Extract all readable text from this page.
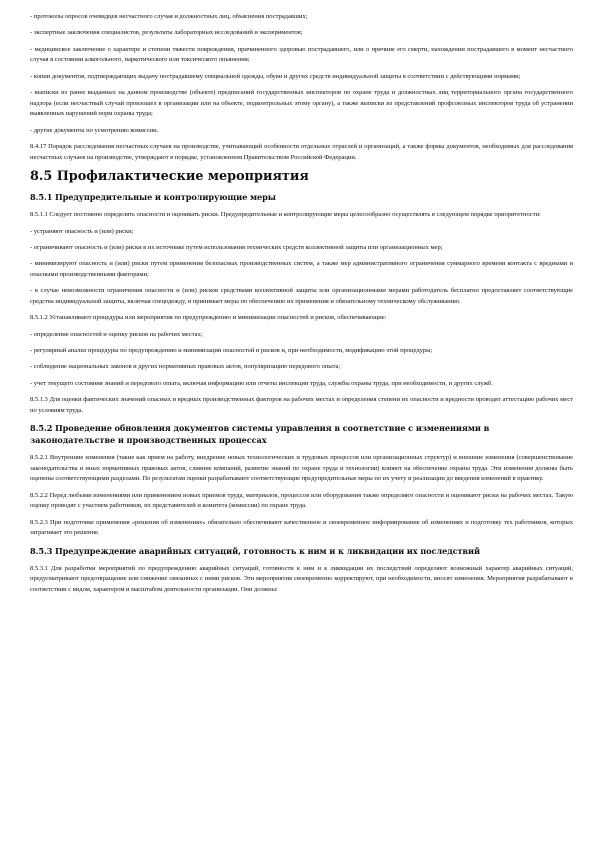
- протоколы опросов очевидцев несчастного случая и должностных лиц, объяснения пострадавших;
- экспертные заключения специалистов, результаты лабораторных исследований и экспериментов;
- медицинское заключение о характере и степени тяжести повреждения, причиненного здоровью пострадавшего, или о причине его смерти, нахождении пострадавшего в момент несчастного случая в состоянии алкогольного, наркотического или токсического опьянения;
- копии документов, подтверждающих выдачу пострадавшему специальной одежды, обуви и других средств индивидуальной защиты в соответствии с действующими нормами;
- выписки из ранее выданных на данном производстве (объекте) предписаний государственных инспекторов по охране труда и должностных лиц территориального органа государственного надзора (если несчастный случай произошел в организации или на объекте, подконтрольных этому органу), а также выписки из представлений профсоюзных инспекторов труда об устранении выявленных нарушений норм охраны труда;
- другие документы по усмотрению комиссии.
8.4.17 Порядок расследования несчастных случаев на производстве, учитывающий особенности отдельных отраслей и организаций, а также формы документов, необходимых для расследования несчастных случаев на производстве, утверждают в порядке, установленном Правительством Российской Федерации.
8.5 Профилактические мероприятия
8.5.1 Предупредительные и контролирующие меры
8.5.1.1 Следует постоянно определять опасности и оценивать риски. Предупредительные и контролирующие меры целесообразно осуществлять в следующем порядке приоритетности:
- устраняют опасность и (или) риски;
- ограничивают опасность и (или) риски в их источнике путем использования технических средств коллективной защиты или организационных мер;
- минимизируют опасность и (или) риски путем применения безопасных производственных систем, а также мер административного ограничения суммарного времени контакта с вредными и опасными производственными факторами;
- в случае невозможности ограничения опасности и (или) рисков средствами коллективной защиты или организационными мерами работодатель бесплатно предоставляет соответствующие средства индивидуальной защиты, включая спецодежду, и принимает меры по обеспечению их применения и обязательному техническому обслуживанию.
8.5.1.2 Устанавливают процедуры или мероприятия по предупреждению и минимизации опасностей и рисков, обеспечивающие:
- определение опасностей и оценку рисков на рабочих местах;
- регулярный анализ процедуры по предупреждению и минимизации опасностей и рисков и, при необходимости, модификацию этой процедуры;
- соблюдение национальных законов и других нормативных правовых актов, популяризацию передового опыта;
- учет текущего состояния знаний и передового опыта, включая информацию или отчеты инспекции труда, службы охраны труда, при необходимости, и других служб.
8.5.1.3 Для оценки фактических значений опасных и вредных производственных факторов на рабочих местах и определения степени их опасности и вредности проводят аттестацию рабочих мест по условиям труда.
8.5.2 Проведение обновления документов системы управления в соответствие с изменениями в законодательстве и производственных процессах
8.5.2.1 Внутренние изменения (такие как прием на работу, внедрение новых технологических и трудовых процессов или организационных структур) и внешние изменения (совершенствование законодательства и иных нормативных правовых актов, слияние компаний, развитие знаний по охране труда и технологии) влияют на обеспечение охраны труда. Эти изменения должны быть оценены соответствующими разделами. По результатам оценки разрабатывают соответствующие предупредительные меры по их учету и реализации до введения изменений в практику.
8.5.2.2 Перед любыми изменениями или применением новых приемов труда, материалов, процессов или оборудования также определяют опасности и оценивают риски на рабочих местах. Такую оценку проводят с участием работников, их представителей и комитета (комиссии) по охране труда.
8.5.2.3 При подготовке применения «решения об изменениях» обязательно обеспечивают качественное и своевременное информирование об изменениях и подготовку тех работников, которых затрагивает это решение.
8.5.3 Предупреждение аварийных ситуаций, готовность к ним и к ликвидации их последствий
8.5.3.1 Для разработки мероприятий по предупреждению аварийных ситуаций, готовности к ним и к ликвидации их последствий определяют возможный характер аварийных ситуаций, предусматривают предотвращение или снижение связанных с ними рисков. Эти мероприятия своевременно корректируют, при необходимости, вносят изменения. Мероприятия разрабатывают в соответствии с видом, характером и масштабом деятельности организации. Они должны:
